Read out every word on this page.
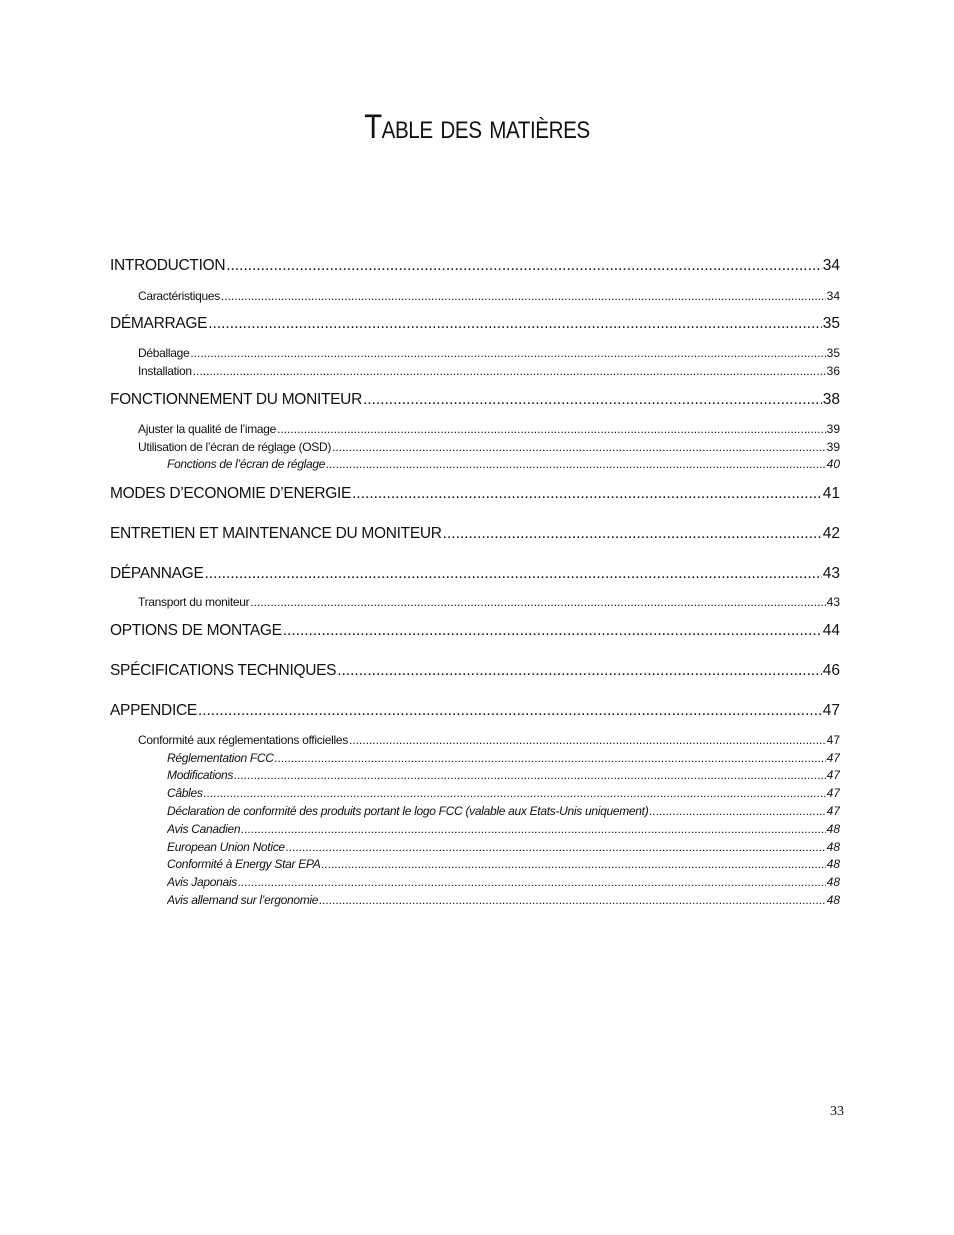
Table des matières
INTRODUCTION .....	34
Caractéristiques .....	34
DÉMARRAGE .....	35
Déballage .....	35
Installation .....	36
FONCTIONNEMENT DU MONITEUR .....	38
Ajuster la qualité de l’image .....	39
Utilisation de l’écran de réglage (OSD) .....	39
Fonctions de l’écran de réglage .....	40
MODES D’ECONOMIE D’ENERGIE .....	41
ENTRETIEN ET MAINTENANCE DU MONITEUR .....	42
DÉPANNAGE .....	43
Transport du moniteur .....	43
OPTIONS DE MONTAGE .....	44
SPÉCIFICATIONS TECHNIQUES .....	46
APPENDICE .....	47
Conformité aux réglementations officielles .....	47
Réglementation FCC .....	47
Modifications .....	47
Câbles .....	47
Déclaration de conformité des produits portant le logo FCC (valable aux Etats-Unis uniquement) .....	47
Avis Canadien .....	48
European Union Notice .....	48
Conformité à Energy Star EPA .....	48
Avis Japonais .....	48
Avis allemand sur l’ergonomie .....	48
33
